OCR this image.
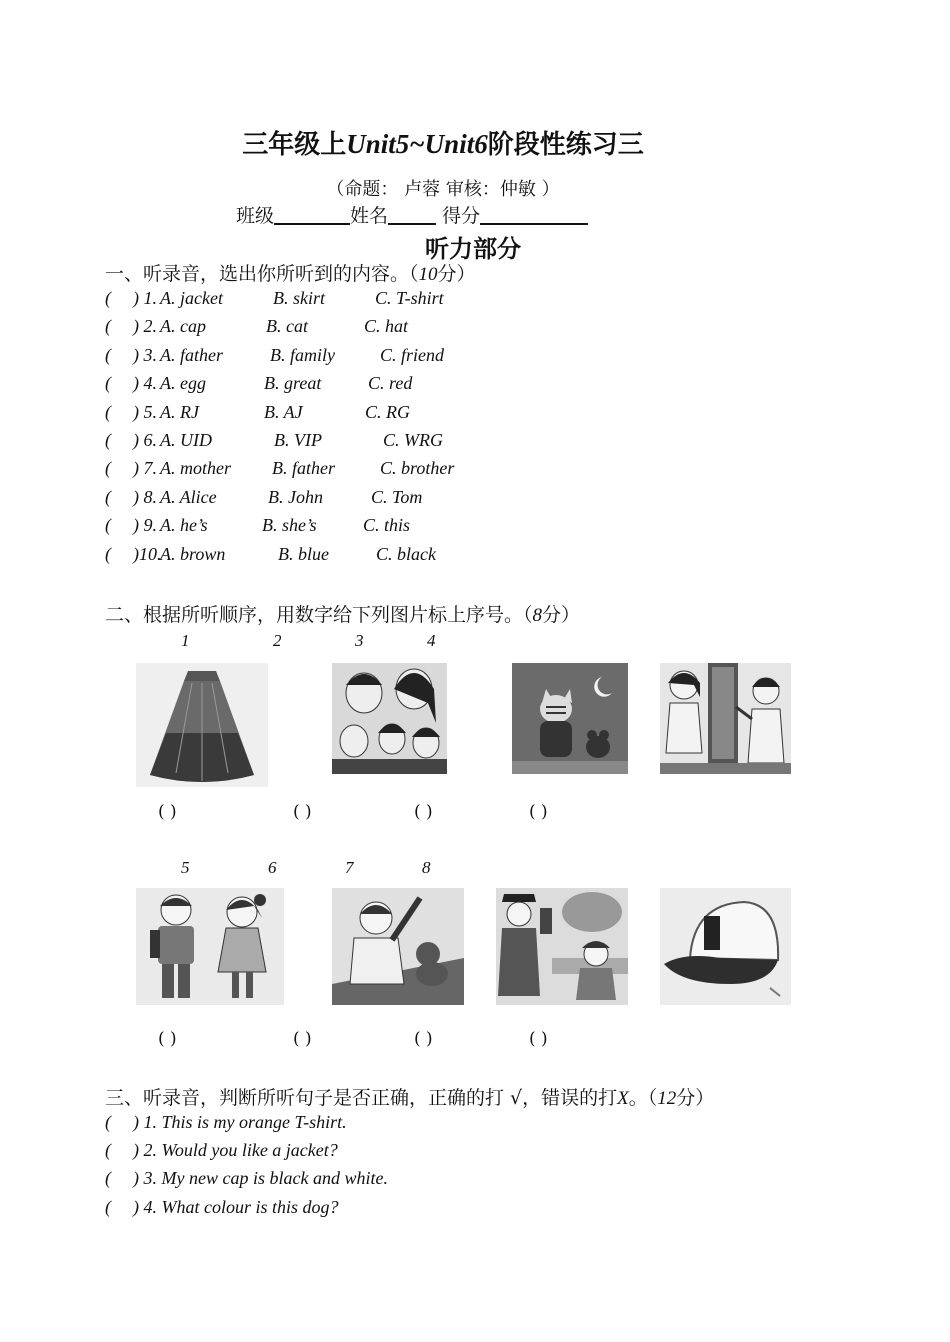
三年级上Unit5~Unit6阶段性练习三
（命题： 卢蓉 审核：仲敏 ）
班级	姓名	得分
听力部分
一、听录音，选出你所听到的内容。（10分）
( ) 1. A. jacket	B. skirt	C. T-shirt
( ) 2. A. cap	B. cat	C. hat
( ) 3. A. father	B. family	C. friend
( ) 4. A. egg	B. great	C. red
( ) 5. A. RJ	B. AJ	C. RG
( ) 6. A. UID	B. VIP	C. WRG
( ) 7. A. mother B. father	C. brother
( ) 8. A. Alice	B. John	C. Tom
( ) 9. A. he’s	B. she’s	C. this
( )10.
A. brown	B. blue	C. black
二、根据所听顺序，用数字给下列图片标上序号。（8分）
1	2	3	4
( )	( )	( )	( )
5	6	7	8
( )	( )	( )	( )
三、听录音，判断所听句子是否正确，正确的打 √，错误的打X。（12分）
( ) 1. This is my orange T-shirt.
( ) 2. Would you like a jacket?
( ) 3. My new cap is black and white.
( ) 4. What colour is this dog?
